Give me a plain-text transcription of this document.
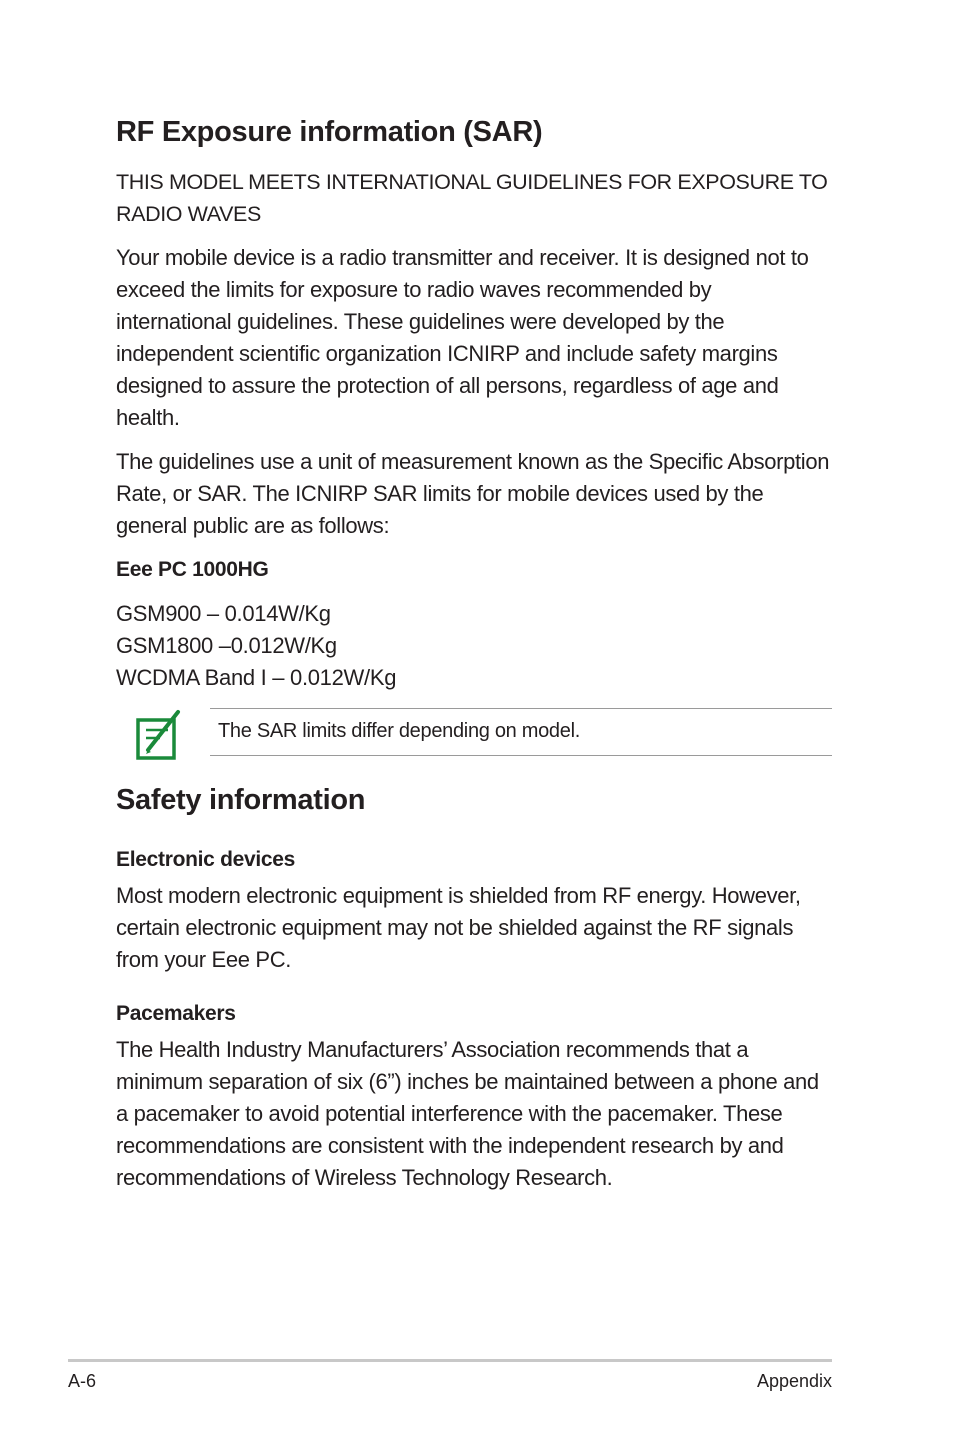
RF Exposure information (SAR)
THIS MODEL MEETS INTERNATIONAL GUIDELINES FOR EXPOSURE TO RADIO WAVES

Your mobile device is a radio transmitter and receiver. It is designed not to exceed the limits for exposure to radio waves recommended by international guidelines. These guidelines were developed by the independent scientific organization ICNIRP and include safety margins designed to assure the protection of all persons, regardless of age and health.

The guidelines use a unit of measurement known as the Specific Absorption Rate, or SAR. The ICNIRP SAR limits for mobile devices used by the general public are as follows:

Eee PC 1000HG
GSM900 – 0.014W/Kg
GSM1800 –0.012W/Kg
WCDMA Band I – 0.012W/Kg
The SAR limits differ depending on model.
Safety information
Electronic devices

Most modern electronic equipment is shielded from RF energy. However, certain electronic equipment may not be shielded against the RF signals from your Eee PC.

Pacemakers

The Health Industry Manufacturers’ Association recommends that a minimum separation of six (6”) inches be maintained between a phone and a pacemaker to avoid potential interference with the pacemaker. These recommendations are consistent with the independent research by and recommendations of Wireless Technology Research.

A-6	Appendix
